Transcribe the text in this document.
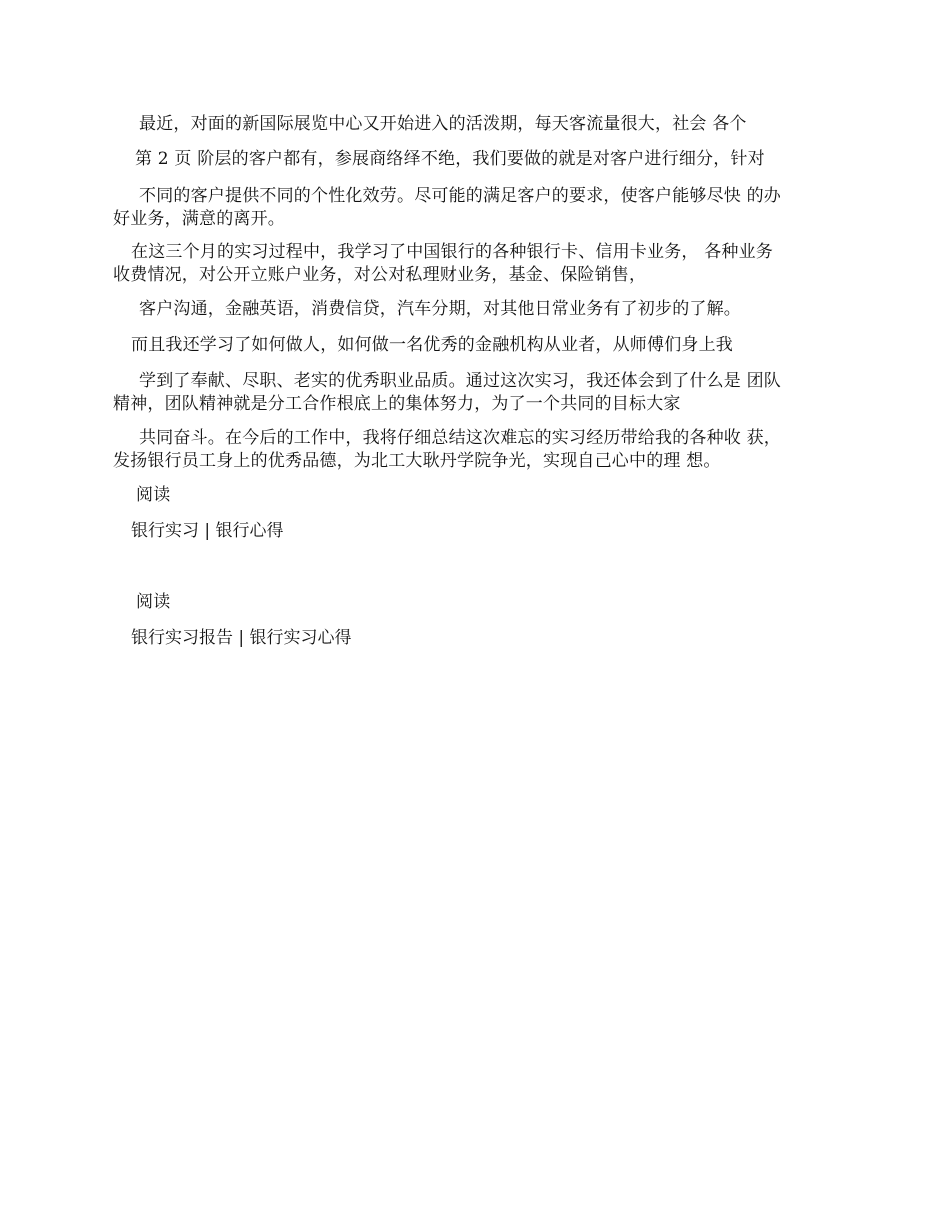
最近，对面的新国际展览中心又开始进入的活泼期，每天客流量很大，社会 各个
第 2 页 阶层的客户都有，参展商络绎不绝，我们要做的就是对客户进行细分，针对
不同的客户提供不同的个性化效劳。尽可能的满足客户的要求，使客户能够尽快 的办
好业务，满意的离开。
在这三个月的实习过程中，我学习了中国银行的各种银行卡、信用卡业务， 各种业务
收费情况，对公开立账户业务，对公对私理财业务，基金、保险销售，
客户沟通，金融英语，消费信贷，汽车分期，对其他日常业务有了初步的了解。
而且我还学习了如何做人，如何做一名优秀的金融机构从业者，从师傅们身上我
学到了奉献、尽职、老实的优秀职业品质。通过这次实习，我还体会到了什么是 团队
精神，团队精神就是分工合作根底上的集体努力，为了一个共同的目标大家
共同奋斗。在今后的工作中，我将仔细总结这次难忘的实习经历带给我的各种收 获，
发扬银行员工身上的优秀品德，为北工大耿丹学院争光，实现自己心中的理 想。
阅读
银行实习 | 银行心得
阅读
银行实习报告 | 银行实习心得
